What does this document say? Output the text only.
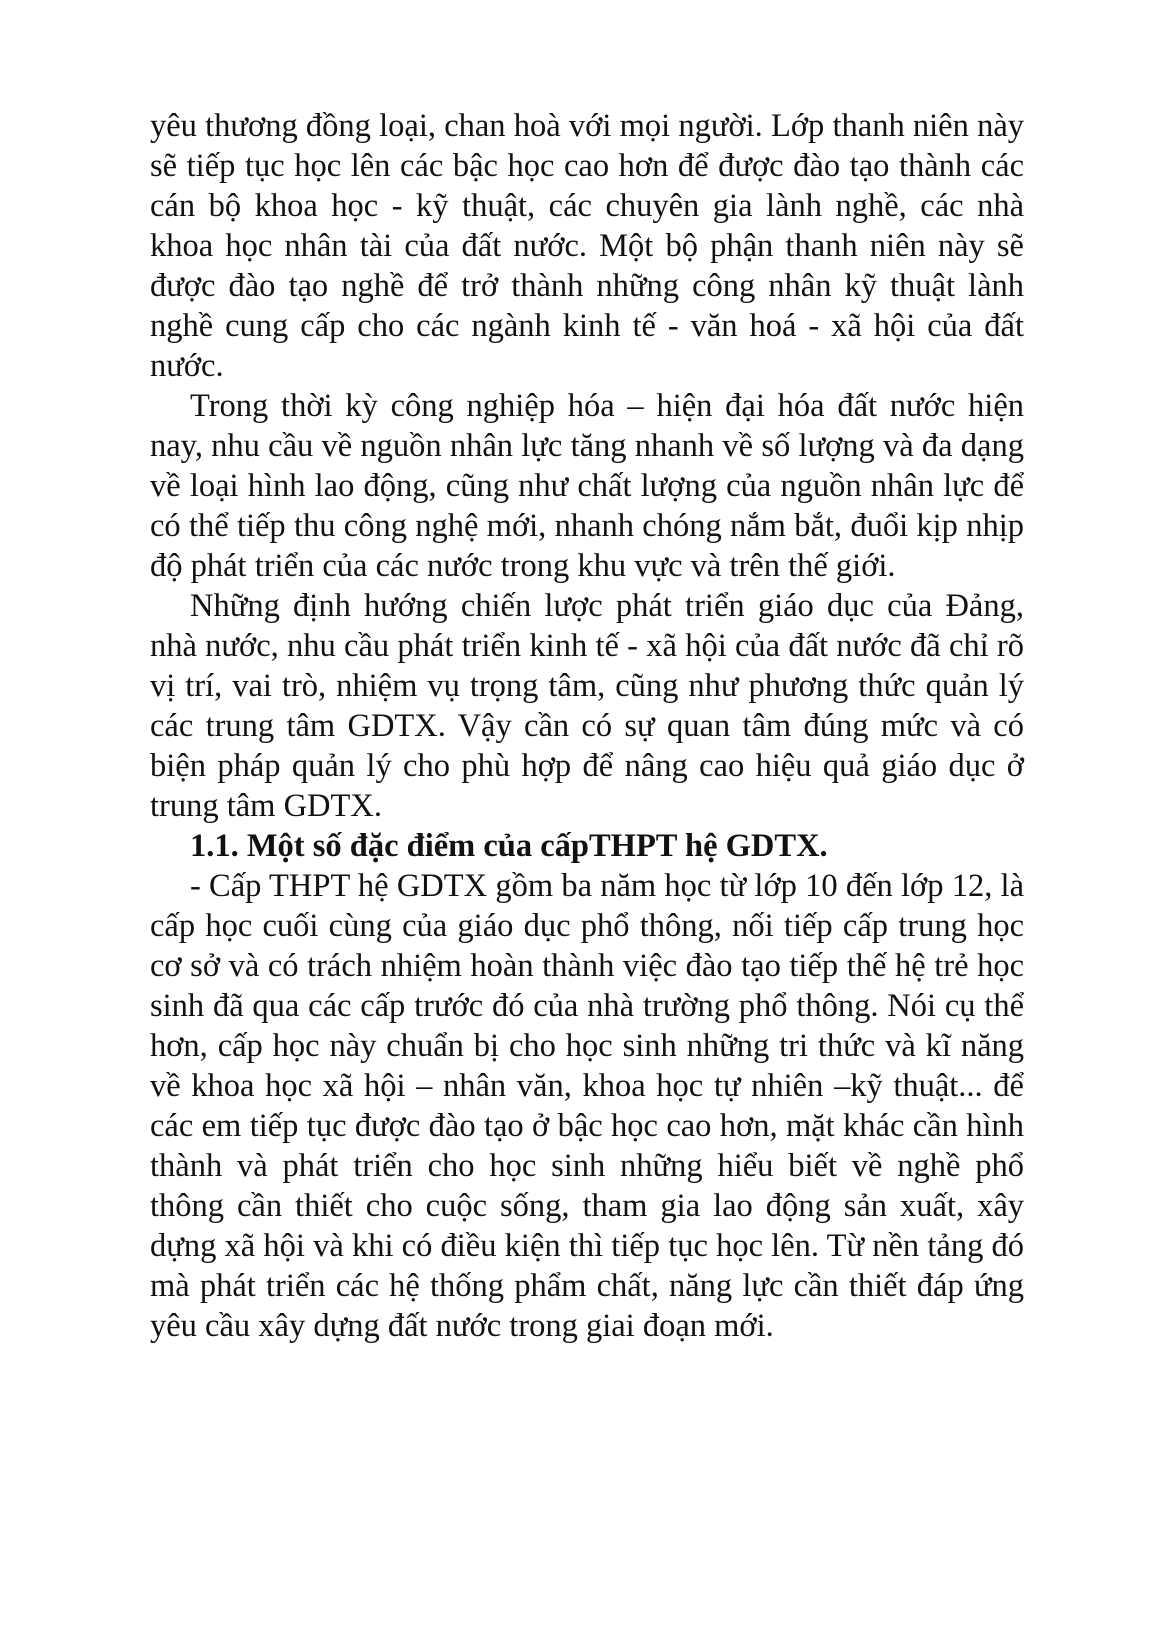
yêu thương đồng loại, chan hoà với mọi người. Lớp thanh niên này sẽ tiếp tục học lên các bậc học cao hơn để được đào tạo thành các cán bộ khoa học - kỹ thuật, các chuyên gia lành nghề, các nhà khoa học nhân tài của đất nước. Một bộ phận thanh niên này sẽ được đào tạo nghề để trở thành những công nhân kỹ thuật lành nghề cung cấp cho các ngành kinh tế - văn hoá - xã hội của đất nước.

Trong thời kỳ công nghiệp hóa – hiện đại hóa đất nước hiện nay, nhu cầu về nguồn nhân lực tăng nhanh về số lượng và đa dạng về loại hình lao động, cũng như chất lượng của nguồn nhân lực để có thể tiếp thu công nghệ mới, nhanh chóng nắm bắt, đuổi kịp nhịp độ phát triển của các nước trong khu vực và trên thế giới.

Những định hướng chiến lược phát triển giáo dục của Đảng, nhà nước, nhu cầu phát triển kinh tế - xã hội của đất nước đã chỉ rõ vị trí, vai trò, nhiệm vụ trọng tâm, cũng như phương thức quản lý các trung tâm GDTX. Vậy cần có sự quan tâm đúng mức và có biện pháp quản lý cho phù hợp để nâng cao hiệu quả giáo dục ở trung tâm GDTX.

1.1. Một số đặc điểm của cấpTHPT hệ GDTX.

- Cấp THPT hệ GDTX gồm ba năm học từ lớp 10 đến lớp 12, là cấp học cuối cùng của giáo dục phổ thông, nối tiếp cấp trung học cơ sở và có trách nhiệm hoàn thành việc đào tạo tiếp thế hệ trẻ học sinh đã qua các cấp trước đó của nhà trường phổ thông. Nói cụ thể hơn, cấp học này chuẩn bị cho học sinh những tri thức và kĩ năng về khoa học xã hội – nhân văn, khoa học tự nhiên –kỹ thuật... để các em tiếp tục được đào tạo ở bậc học cao hơn, mặt khác cần hình thành và phát triển cho học sinh những hiểu biết về nghề phổ thông cần thiết cho cuộc sống, tham gia lao động sản xuất, xây dựng xã hội và khi có điều kiện thì tiếp tục học lên. Từ nền tảng đó mà phát triển các hệ thống phẩm chất, năng lực cần thiết đáp ứng yêu cầu xây dựng đất nước trong giai đoạn mới.
